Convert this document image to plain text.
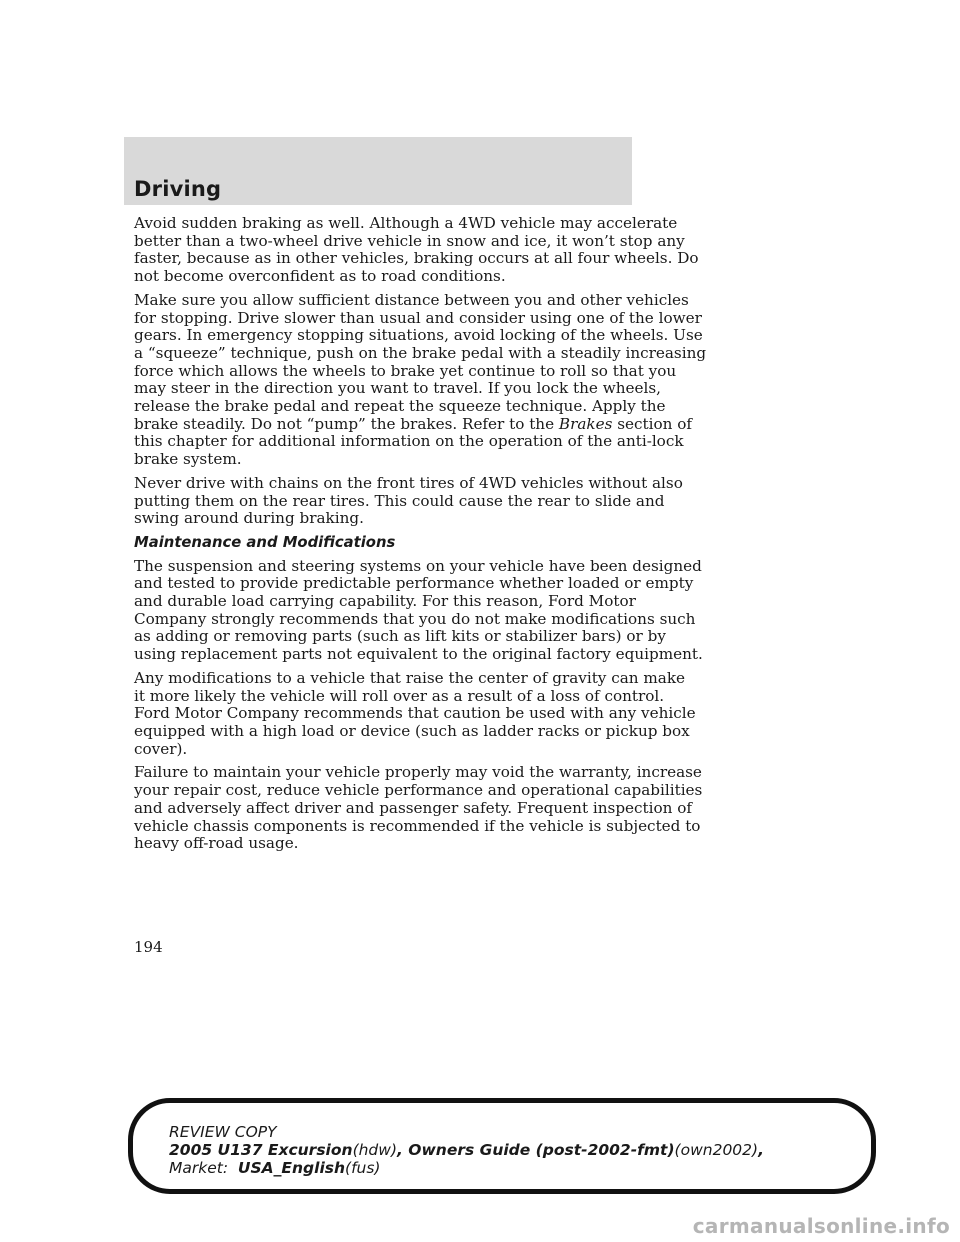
Driving

Avoid sudden braking as well. Although a 4WD vehicle may accelerate
better than a two-wheel drive vehicle in snow and ice, it won’t stop any
faster, because as in other vehicles, braking occurs at all four wheels. Do
not become overconfident as to road conditions.

Make sure you allow sufficient distance between you and other vehicles
for stopping. Drive slower than usual and consider using one of the lower
gears. In emergency stopping situations, avoid locking of the wheels. Use
a “squeeze” technique, push on the brake pedal with a steadily increasing
force which allows the wheels to brake yet continue to roll so that you
may steer in the direction you want to travel. If you lock the wheels,
release the brake pedal and repeat the squeeze technique. Apply the
brake steadily. Do not “pump” the brakes. Refer to the Brakes section of
this chapter for additional information on the operation of the anti-lock
brake system.

Never drive with chains on the front tires of 4WD vehicles without also
putting them on the rear tires. This could cause the rear to slide and
swing around during braking.

Maintenance and Modifications

The suspension and steering systems on your vehicle have been designed
and tested to provide predictable performance whether loaded or empty
and durable load carrying capability. For this reason, Ford Motor
Company strongly recommends that you do not make modifications such
as adding or removing parts (such as lift kits or stabilizer bars) or by
using replacement parts not equivalent to the original factory equipment.

Any modifications to a vehicle that raise the center of gravity can make
it more likely the vehicle will roll over as a result of a loss of control.
Ford Motor Company recommends that caution be used with any vehicle
equipped with a high load or device (such as ladder racks or pickup box
cover).

Failure to maintain your vehicle properly may void the warranty, increase
your repair cost, reduce vehicle performance and operational capabilities
and adversely affect driver and passenger safety. Frequent inspection of
vehicle chassis components is recommended if the vehicle is subjected to
heavy off-road usage.

194
REVIEW COPY
2005 U137 Excursion(hdw), Owners Guide (post-2002-fmt)(own2002),
Market: USA_English(fus)
carmanualsonline.info
